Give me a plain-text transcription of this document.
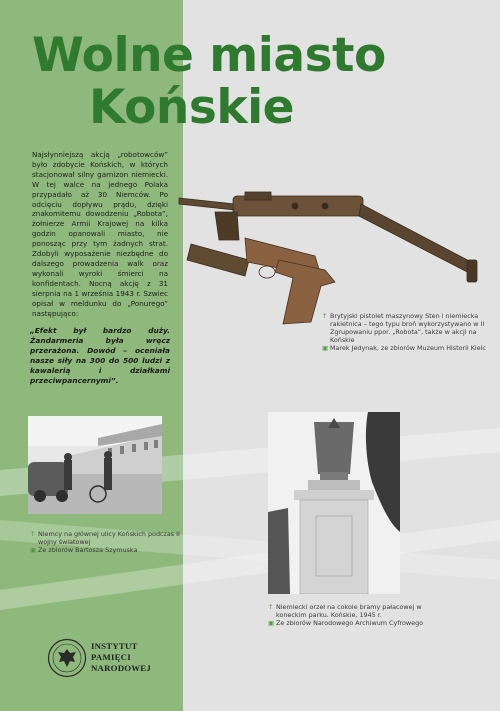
Wolne miasto
Końskie

Najsłynniejszą akcją „robotowców” było zdobycie Końskich, w których stacjonował silny garnizon niemiecki. W tej walce na jednego Polaka przypadało aż 30 Niemców. Po odcięciu dopływu prądu, dzięki znakomitemu dowodzeniu „Robota”, żołnierze Armii Krajowej na kilka godzin opanowali miasto, nie ponosząc przy tym żadnych strat. Zdobyli wyposażenie niezbędne do dalszego prowadzenia walk oraz wykonali wyroki śmierci na konfidentach. Nocną akcję z 31 sierpnia na 1 września 1943 r. Szwiec opisał w meldunku do „Ponurego” następująco:

„Efekt był bardzo duży. Żandarmeria była wręcz przerażona. Dowód – oceniała nasze siły na 300 do 500 ludzi z kawalerią i działkami przeciwpancernymi”.

↑ Brytyjski pistolet maszynowy Sten i niemiecka rakietnica – tego typu broń wykorzystywano w II Zgrupowaniu ppor. „Robota”, także w akcji na Końskie
▣ Marek Jedynak, ze zbiorów Muzeum Historii Kielc
↑ Niemcy na głównej ulicy Końskich podczas II wojny światowej
▣ Ze zbiorów Bartosza Szymuska
↑ Niemiecki orzeł na cokole bramy pałacowej w koneckim parku. Końskie, 1945 r.
▣ Ze zbiorów Narodowego Archiwum Cyfrowego
INSTYTUT
PAMIĘCI
NARODOWEJ
